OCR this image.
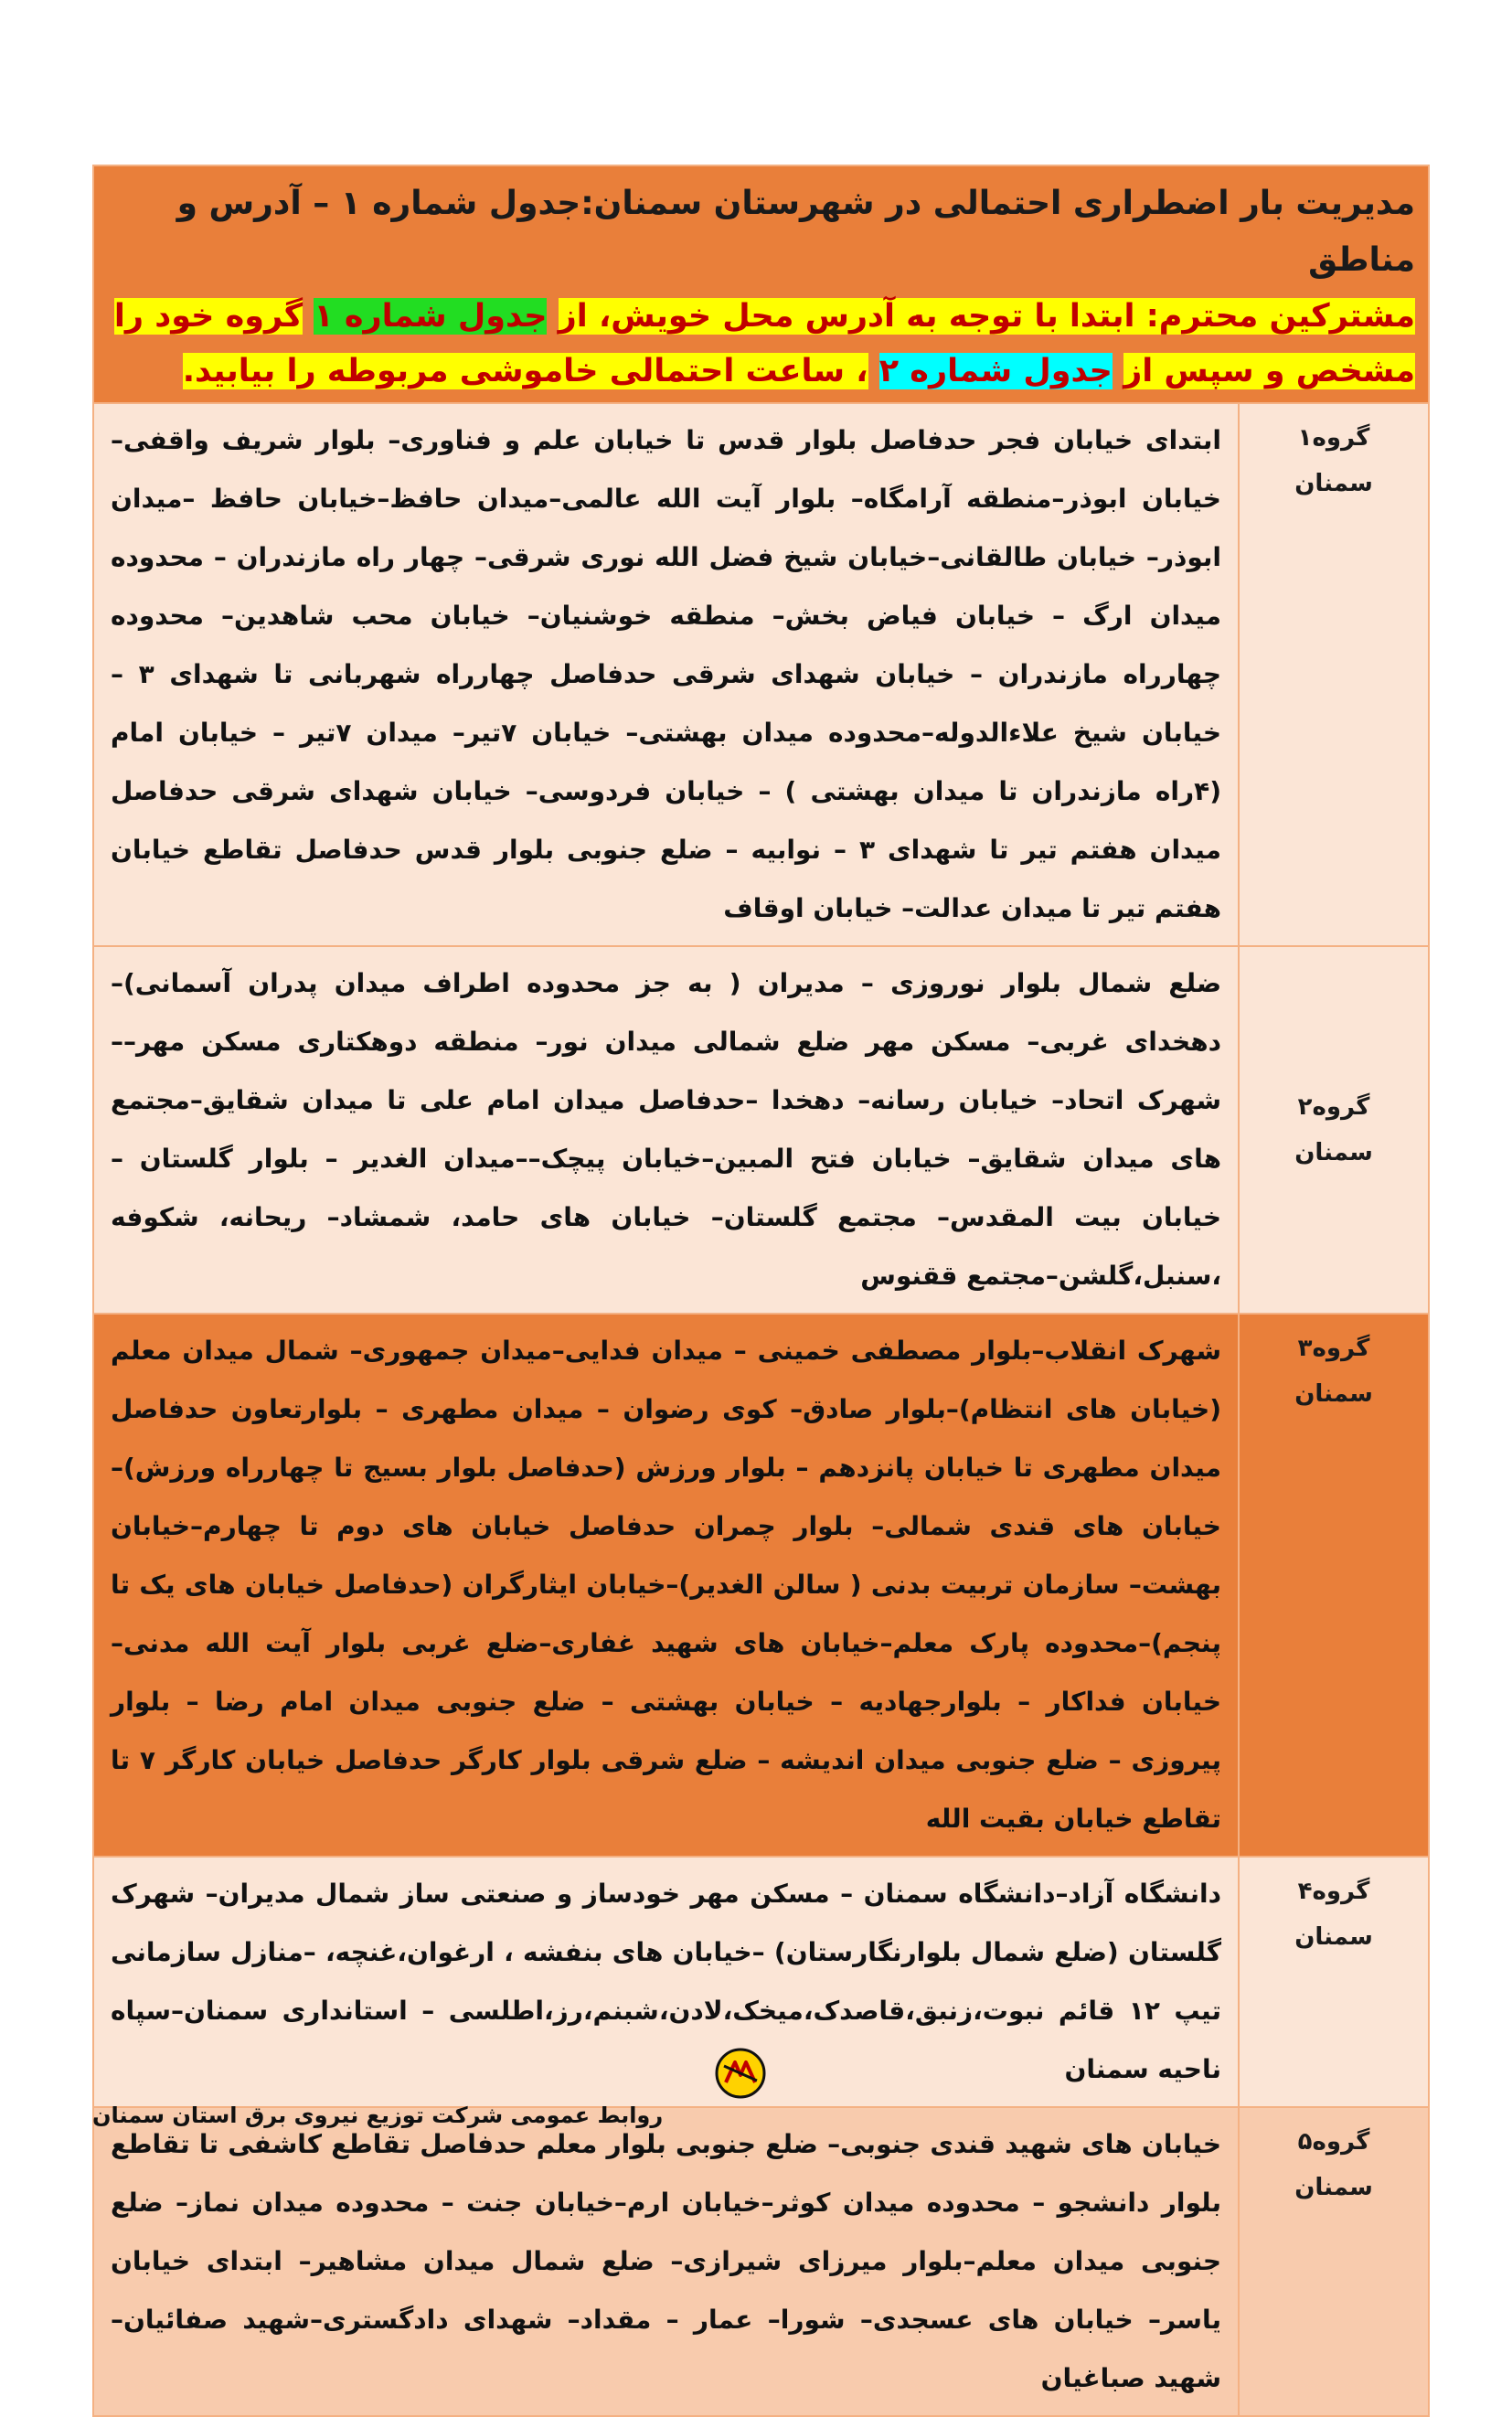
مدیریت بار اضطراری احتمالی در شهرستان سمنان:جدول شماره ۱ – آدرس و مناطق

مشترکین محترم: ابتدا با توجه به آدرس محل خویش، از جدول شماره ۱ گروه خود را مشخص و سپس از جدول شماره ۲ ، ساعت احتمالی خاموشی مربوطه را بیابید.	

گروه۱
سمنان	ابتدای خیابان فجر حدفاصل بلوار قدس تا خیابان علم و فناوری– بلوار شریف واقفی–خیابان ابوذر–منطقه آرامگاه– بلوار آیت الله عالمی–میدان حافظ–خیابان حافظ –میدان ابوذر– خیابان طالقانی–خیابان شیخ فضل الله نوری شرقی– چهار راه مازندران – محدوده میدان ارگ – خیابان فیاض بخش– منطقه خوشنیان– خیابان محب شاهدین– محدوده چهارراه مازندران – خیابان شهدای شرقی حدفاصل چهارراه شهربانی تا شهدای ۳ – خیابان شیخ علاءالدوله–محدوده میدان بهشتی– خیابان ۷تیر– میدان ۷تیر – خیابان امام (۴راه مازندران تا میدان بهشتی ) – خیابان فردوسی– خیابان شهدای شرقی حدفاصل میدان هفتم تیر تا شهدای ۳ – نوابیه – ضلع جنوبی بلوار قدس حدفاصل تقاطع خیابان هفتم تیر تا میدان عدالت– خیابان اوقاف

گروه۲
سمنان	ضلع شمال بلوار نوروزی – مدیران ( به جز محدوده اطراف میدان پدران آسمانی)– دهخدای غربی– مسکن مهر ضلع شمالی میدان نور– منطقه دوهکتاری مسکن مهر–– شهرک اتحاد– خیابان رسانه– دهخدا –حدفاصل میدان امام علی تا میدان شقایق–مجتمع های میدان شقایق– خیابان فتح المبین–خیابان پیچک––میدان الغدیر – بلوار گلستان – خیابان بیت المقدس– مجتمع گلستان– خیابان های حامد، شمشاد– ریحانه، شکوفه ،سنبل،گلشن–مجتمع ققنوس

گروه۳
سمنان	شهرک انقلاب–بلوار مصطفی خمینی – میدان فدایی–میدان جمهوری– شمال میدان معلم (خیابان های انتظام)–بلوار صادق– کوی رضوان – میدان مطهری – بلوارتعاون حدفاصل میدان مطهری تا خیابان پانزدهم – بلوار ورزش (حدفاصل بلوار بسیج تا چهارراه ورزش)– خیابان های قندی شمالی– بلوار چمران حدفاصل خیابان های دوم تا چهارم–خیابان بهشت– سازمان تربیت بدنی ( سالن الغدیر)–خیابان ایثارگران (حدفاصل خیابان های یک تا پنجم)–محدوده پارک معلم–خیابان های شهید غفاری–ضلع غربی بلوار آیت الله مدنی–خیابان فداکار – بلوارجهادیه – خیابان بهشتی – ضلع جنوبی میدان امام رضا – بلوار پیروزی – ضلع جنوبی میدان اندیشه – ضلع شرقی بلوار کارگر حدفاصل خیابان کارگر ۷ تا تقاطع خیابان بقیت الله

گروه۴
سمنان	دانشگاه آزاد–دانشگاه سمنان – مسکن مهر خودساز و صنعتی ساز شمال مدیران– شهرک گلستان (ضلع شمال بلوارنگارستان) –خیابان های بنفشه ، ارغوان،غنچه، –منازل سازمانی تیپ ۱۲ قائم نبوت،زنبق،قاصدک،میخک،لادن،شبنم،رز،اطلسی – استانداری سمنان–سپاه ناحیه سمنان

گروه۵
سمنان	خیابان های شهید قندی جنوبی– ضلع جنوبی بلوار معلم حدفاصل تقاطع کاشفی تا تقاطع بلوار دانشجو – محدوده میدان کوثر–خیابان ارم–خیابان جنت – محدوده میدان نماز– ضلع جنوبی میدان معلم–بلوار میرزای شیرازی– ضلع شمال میدان مشاهیر– ابتدای خیابان یاسر– خیابان های عسجدی– شورا– عمار – مقداد– شهدای دادگستری–شهید صفائیان– شهید صباغیان
روابط عمومی شرکت توزیع نیروی برق استان سمنان
